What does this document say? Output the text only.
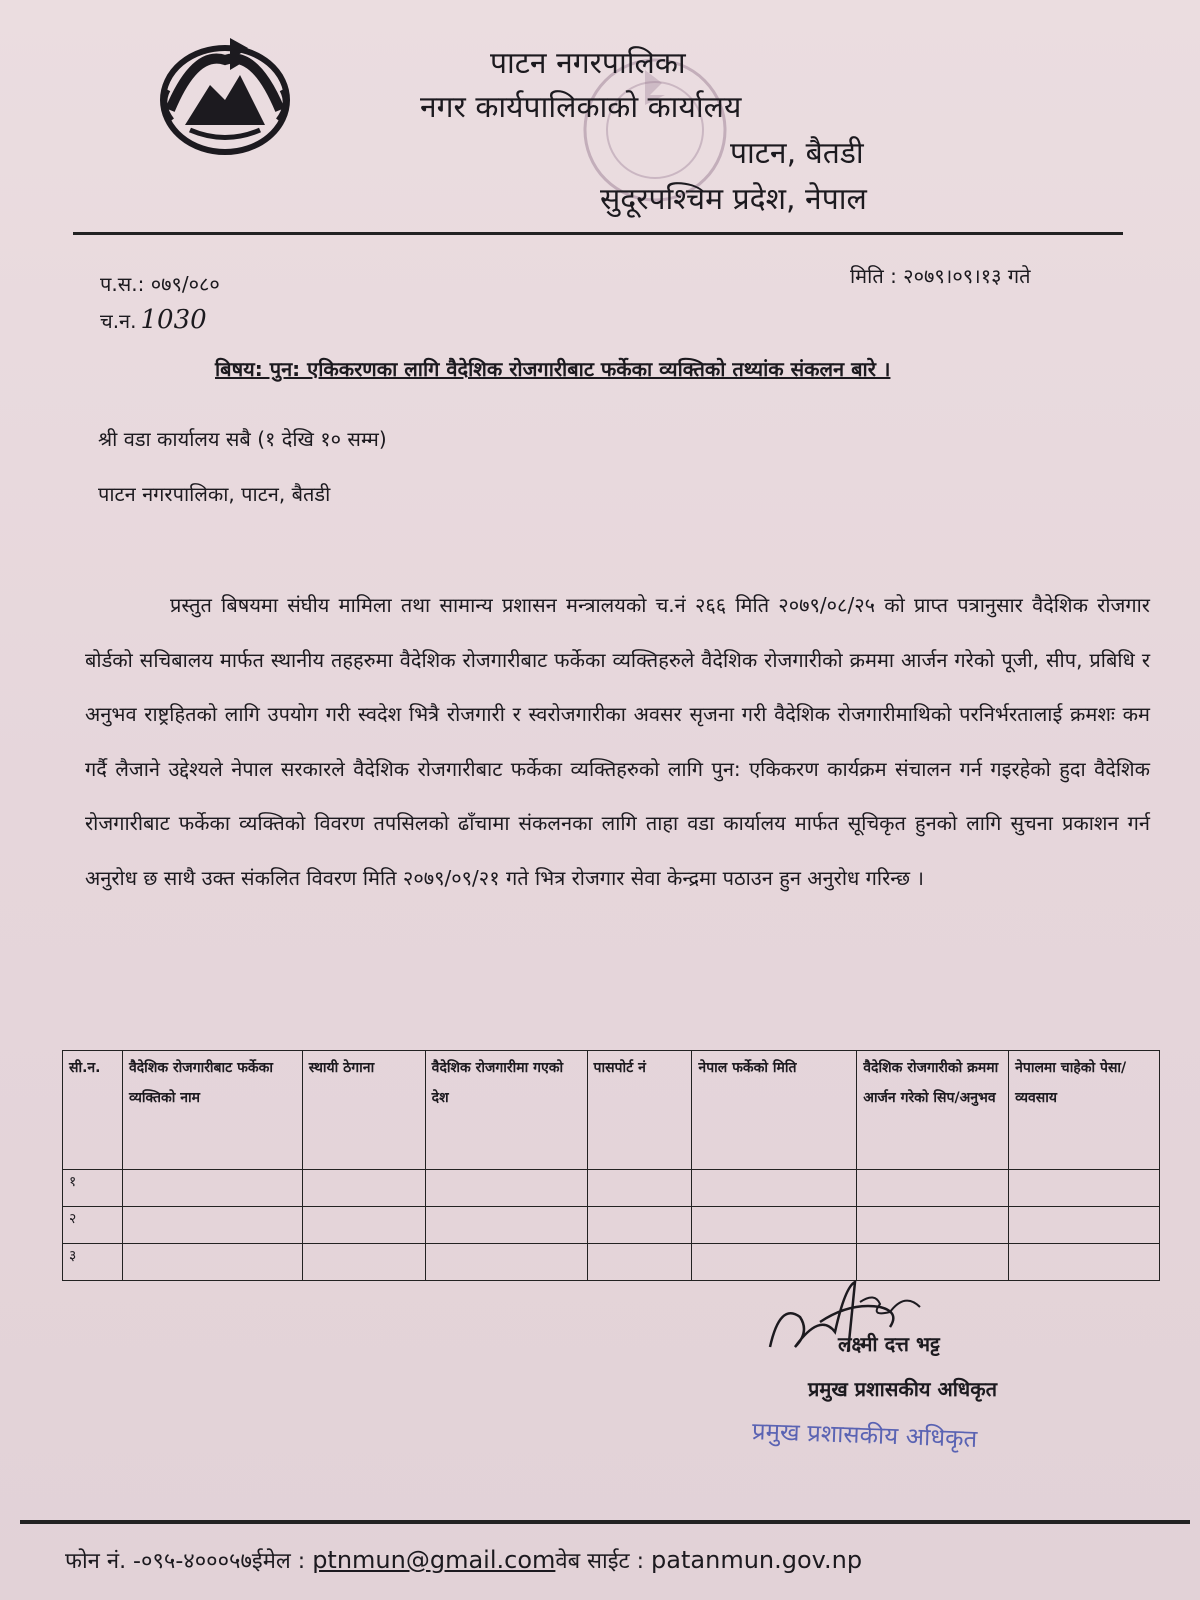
पाटन नगरपालिका
नगर कार्यपालिकाको कार्यालय
पाटन, बैतडी
सुदूरपश्चिम प्रदेश, नेपाल
प.स.: ०७९/०८०
च.न. 1030
मिति : २०७९।०९।१३ गते
बिषय: पुन: एकिकरणका लागि वैदेशिक रोजगारीबाट फर्केका व्यक्तिको तथ्यांक संकलन बारे ।
श्री वडा कार्यालय सबै (१ देखि १० सम्म)
पाटन नगरपालिका, पाटन, बैतडी

प्रस्तुत बिषयमा संघीय मामिला तथा सामान्य प्रशासन मन्त्रालयको च.नं २६६ मिति २०७९/०८/२५ को प्राप्त पत्रानुसार वैदेशिक रोजगार बोर्डको सचिबालय मार्फत स्थानीय तहहरुमा वैदेशिक रोजगारीबाट फर्केका व्यक्तिहरुले वैदेशिक रोजगारीको क्रममा आर्जन गरेको पूजी, सीप, प्रबिधि र अनुभव राष्ट्रहितको लागि उपयोग गरी स्वदेश भित्रै रोजगारी र स्वरोजगारीका अवसर सृजना गरी वैदेशिक रोजगारीमाथिको परनिर्भरतालाई क्रमशः कम गर्दै लैजाने उद्देश्यले नेपाल सरकारले वैदेशिक रोजगारीबाट फर्केका व्यक्तिहरुको लागि पुन: एकिकरण कार्यक्रम संचालन गर्न गइरहेको हुदा वैदेशिक रोजगारीबाट फर्केका व्यक्तिको विवरण तपसिलको ढाँचामा संकलनका लागि ताहा वडा कार्यालय मार्फत सूचिकृत हुनको लागि सुचना प्रकाशन गर्न अनुरोध छ साथै उक्त संकलित विवरण मिति २०७९/०९/२१ गते भित्र रोजगार सेवा केन्द्रमा पठाउन हुन अनुरोध गरिन्छ ।

सी.न.	वैदेशिक रोजगारीबाट फर्केका व्यक्तिको नाम	स्थायी ठेगाना	वैदेशिक रोजगारीमा गएको देश	पासपोर्ट नं	नेपाल फर्केको मिति	वैदेशिक रोजगारीको क्रममा आर्जन गरेको सिप/अनुभव	नेपालमा चाहेको पेसा/व्यवसाय
१							
२							
३							
लक्ष्मी दत्त भट्ट
प्रमुख प्रशासकीय अधिकृत
प्रमुख प्रशासकीय अधिकृत
फोन नं. -०९५-४०००५७ईमेल : ptnmun@gmail.comवेब साईट : patanmun.gov.np
